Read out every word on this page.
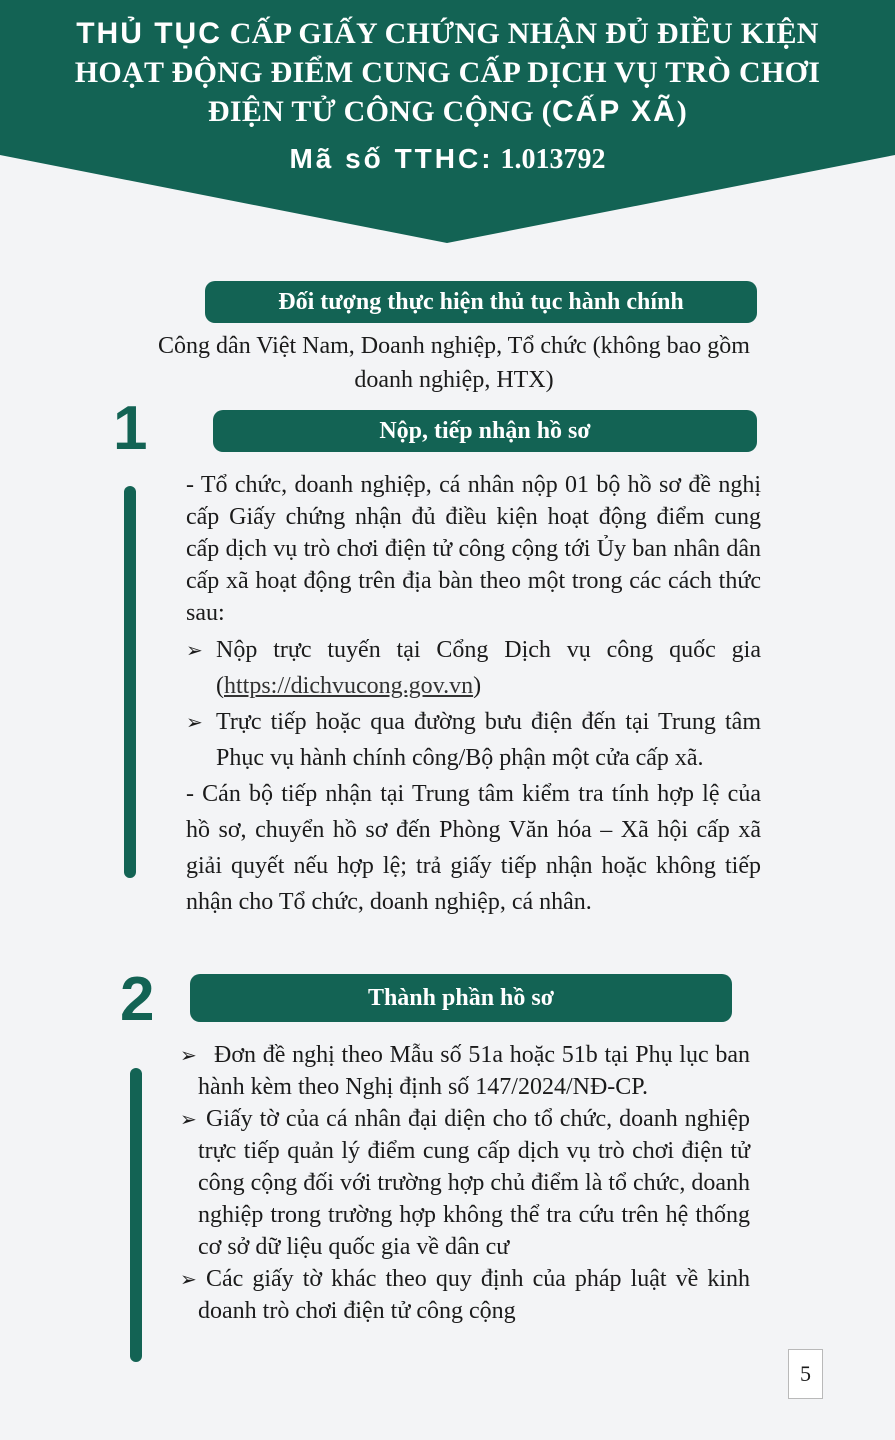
THỦ TỤC CẤP GIẤY CHỨNG NHẬN ĐỦ ĐIỀU KIỆN
HOẠT ĐỘNG ĐIỂM CUNG CẤP DỊCH VỤ TRÒ CHƠI
ĐIỆN TỬ CÔNG CỘNG (CẤP XÃ)
Mã số TTHC: 1.013792
Đối tượng thực hiện thủ tục hành chính
Công dân Việt Nam, Doanh nghiệp, Tổ chức (không bao gồm doanh nghiệp, HTX)
1	Nộp, tiếp nhận hồ sơ

- Tổ chức, doanh nghiệp, cá nhân nộp 01 bộ hồ sơ đề nghị cấp Giấy chứng nhận đủ điều kiện hoạt động điểm cung cấp dịch vụ trò chơi điện tử công cộng tới Ủy ban nhân dân cấp xã hoạt động trên địa bàn theo một trong các cách thức sau:

➢ Nộp trực tuyến tại Cổng Dịch vụ công quốc gia (https://dichvucong.gov.vn)

➢ Trực tiếp hoặc qua đường bưu điện đến tại Trung tâm Phục vụ hành chính công/Bộ phận một cửa cấp xã.

- Cán bộ tiếp nhận tại Trung tâm kiểm tra tính hợp lệ của hồ sơ, chuyển hồ sơ đến Phòng Văn hóa – Xã hội cấp xã giải quyết nếu hợp lệ; trả giấy tiếp nhận hoặc không tiếp nhận cho Tổ chức, doanh nghiệp, cá nhân.

2	Thành phần hồ sơ

➢ Đơn đề nghị theo Mẫu số 51a hoặc 51b tại Phụ lục ban hành kèm theo Nghị định số 147/2024/NĐ-CP.

➢ Giấy tờ của cá nhân đại diện cho tổ chức, doanh nghiệp trực tiếp quản lý điểm cung cấp dịch vụ trò chơi điện tử công cộng đối với trường hợp chủ điểm là tổ chức, doanh nghiệp trong trường hợp không thể tra cứu trên hệ thống cơ sở dữ liệu quốc gia về dân cư

➢ Các giấy tờ khác theo quy định của pháp luật về kinh doanh trò chơi điện tử công cộng

5
